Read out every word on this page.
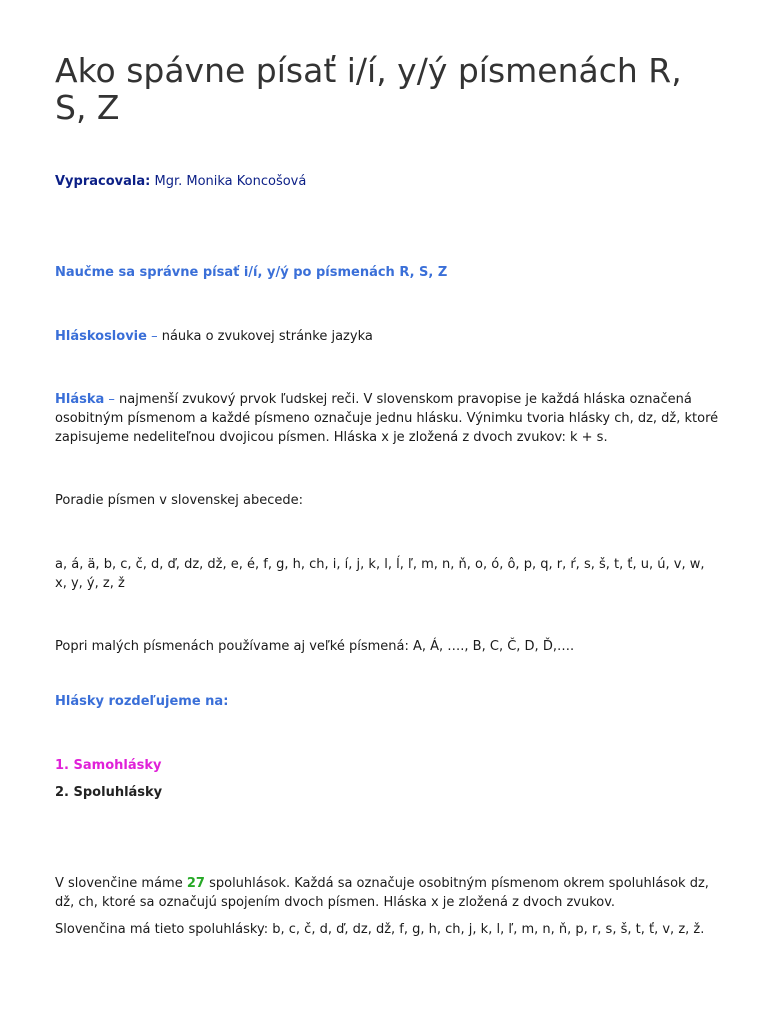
Ako spávne písať i/í, y/ý písmenách R, S, Z

Vypracovala: Mgr. Monika Koncošová

Naučme sa správne písať i/í, y/ý po písmenách R, S, Z

Hláskoslovie – náuka o zvukovej stránke jazyka

Hláska – najmenší zvukový prvok ľudskej reči. V slovenskom pravopise je každá hláska označená osobitným písmenom a každé písmeno označuje jednu hlásku. Výnimku tvoria hlásky ch, dz, dž, ktoré zapisujeme nedeliteľnou dvojicou písmen. Hláska x je zložená z dvoch zvukov: k + s.

Poradie písmen v slovenskej abecede:

a, á, ä, b, c, č, d, ď, dz, dž, e, é, f, g, h, ch, i, í, j, k, l, ĺ, ľ, m, n, ň, o, ó, ô, p, q, r, ŕ, s, š, t, ť, u, ú, v, w, x, y, ý, z, ž

Popri malých písmenách používame aj veľké písmená: A, Á, …., B, C, Č, D, Ď,….

Hlásky rozdeľujeme na:

1. Samohlásky

2. Spoluhlásky

V slovenčine máme 27 spoluhlások. Každá sa označuje osobitným písmenom okrem spoluhlások dz, dž, ch, ktoré sa označujú spojením dvoch písmen. Hláska x je zložená z dvoch zvukov.

Slovenčina má tieto spoluhlásky: b, c, č, d, ď, dz, dž, f, g, h, ch, j, k, l, ľ, m, n, ň, p, r, s, š, t, ť, v, z, ž.
